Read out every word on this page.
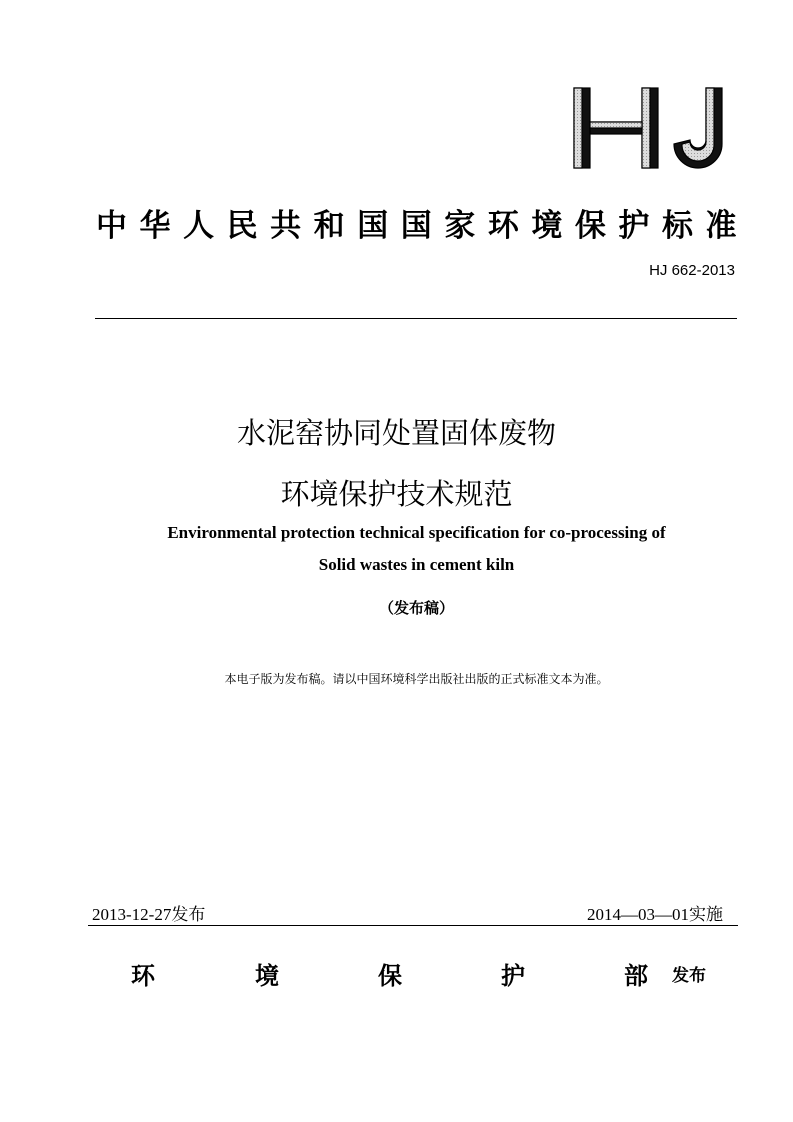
中华人民共和国国家环境保护标准
HJ 662-2013
水泥窑协同处置固体废物
环境保护技术规范
Environmental protection technical specification for co-processing of
Solid wastes in cement kiln
（发布稿）
本电子版为发布稿。请以中国环境科学出版社出版的正式标准文本为准。
2013-12-27发布	2014—03—01实施
环	境	保	护	部 发布
